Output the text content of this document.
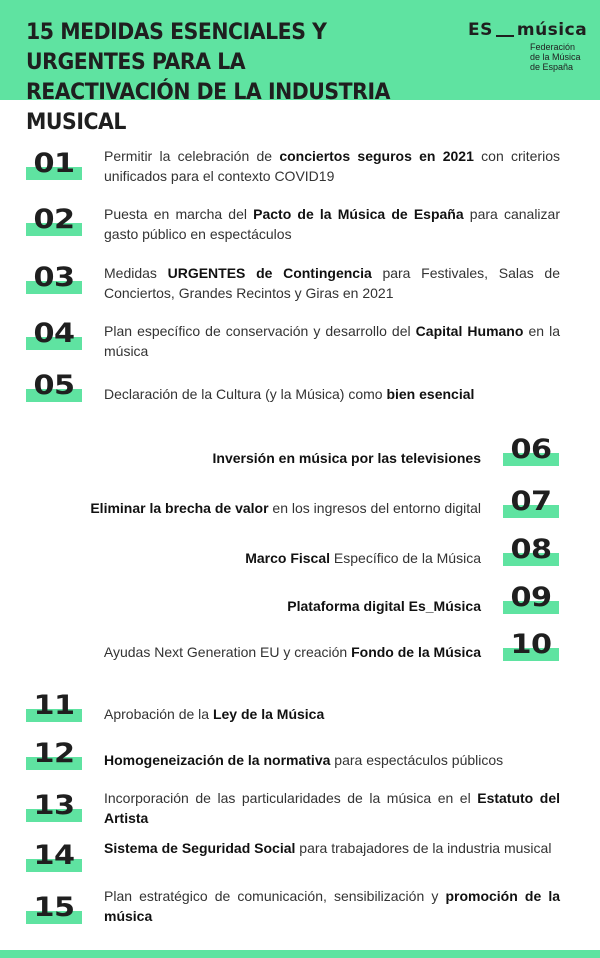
15 MEDIDAS ESENCIALES Y URGENTES PARA LA
REACTIVACIÓN DE LA INDUSTRIA MUSICAL
ES música
Federación
de la Música
de España
01	Permitir la celebración de conciertos seguros en 2021 con criterios unificados para el contexto COVID19
02	Puesta en marcha del Pacto de la Música de España para canalizar gasto público en espectáculos
03	Medidas URGENTES de Contingencia para Festivales, Salas de Conciertos, Grandes Recintos y Giras en 2021
04	Plan específico de conservación y desarrollo del Capital Humano en la música
05	Declaración de la Cultura (y la Música) como bien esencial
Inversión en música por las televisiones	06
Eliminar la brecha de valor en los ingresos del entorno digital	07
Marco Fiscal Específico de la Música	08
Plataforma digital Es_Música	09
Ayudas Next Generation EU y creación Fondo de la Música	10
11	Aprobación de la Ley de la Música
12	Homogeneización de la normativa para espectáculos públicos
13	Incorporación de las particularidades de la música en el Estatuto del Artista
14	Sistema de Seguridad Social para trabajadores de la industria musical
15	Plan estratégico de comunicación, sensibilización y promoción de la música
